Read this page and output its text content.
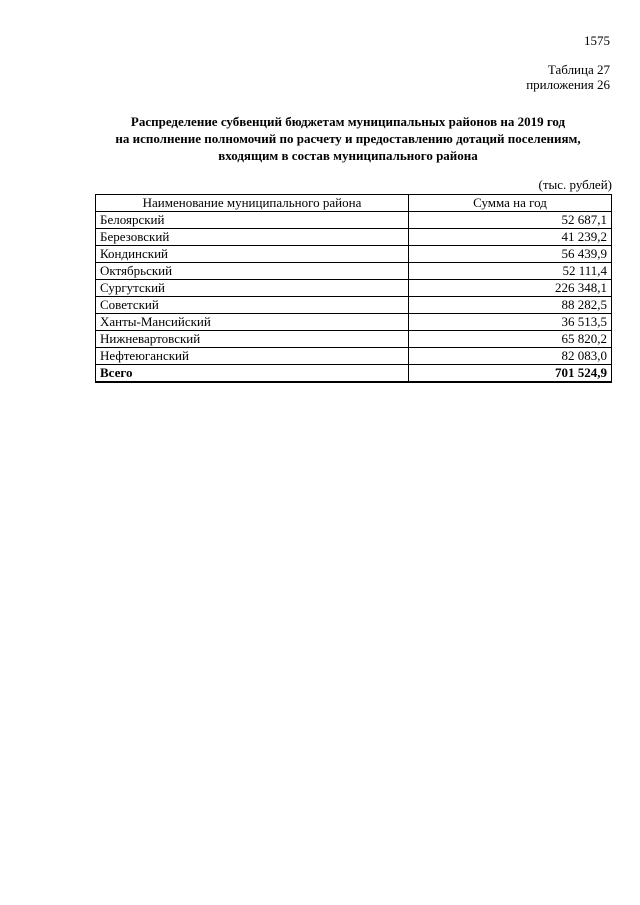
1575
Таблица 27
приложения 26
Распределение субвенций бюджетам муниципальных районов на 2019 год
на исполнение полномочий по расчету и предоставлению дотаций поселениям,
входящим в состав муниципального района
(тыс. рублей)
Наименование муниципального района	Сумма на год
Белоярский	52 687,1
Березовский	41 239,2
Кондинский	56 439,9
Октябрьский	52 111,4
Сургутский	226 348,1
Советский	88 282,5
Ханты-Мансийский	36 513,5
Нижневартовский	65 820,2
Нефтеюганский	82 083,0
Всего	701 524,9
